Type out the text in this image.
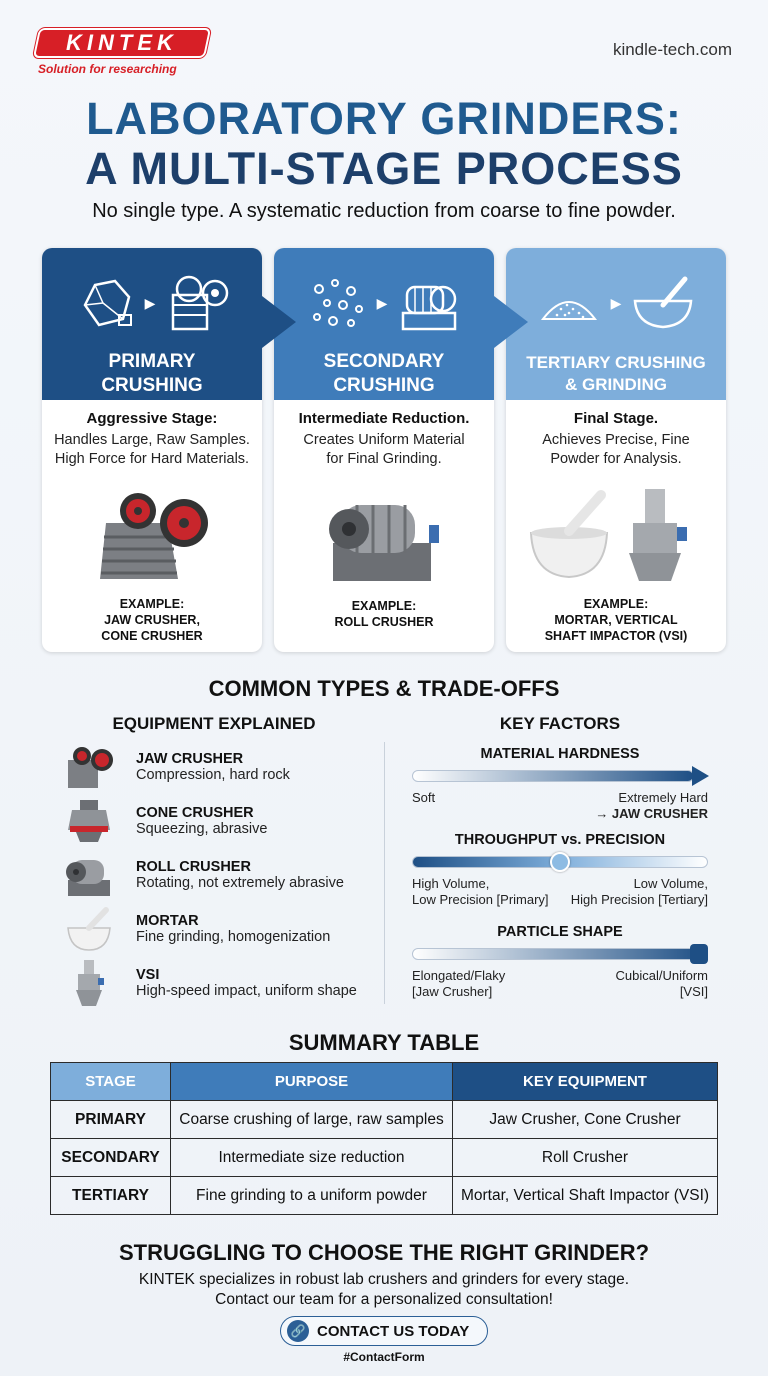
KINTEK
Solution for researching
kindle-tech.com
LABORATORY GRINDERS:
A MULTI-STAGE PROCESS
No single type. A systematic reduction from coarse to fine powder.
▶
PRIMARY
CRUSHING
Aggressive Stage:
Handles Large, Raw Samples.
High Force for Hard Materials.
EXAMPLE:
JAW CRUSHER,
CONE CRUSHER
▶
SECONDARY
CRUSHING
Intermediate Reduction.
Creates Uniform Material
for Final Grinding.
EXAMPLE:
ROLL CRUSHER
▶
TERTIARY CRUSHING
& GRINDING
Final Stage.
Achieves Precise, Fine
Powder for Analysis.
EXAMPLE:
MORTAR, VERTICAL
SHAFT IMPACTOR (VSI)
COMMON TYPES & TRADE-OFFS
EQUIPMENT EXPLAINED	KEY FACTORS
JAW CRUSHER
Compression, hard rock
CONE CRUSHER
Squeezing, abrasive
ROLL CRUSHER
Rotating, not extremely abrasive
MORTAR
Fine grinding, homogenization
VSI
High-speed impact, uniform shape
MATERIAL HARDNESS
Soft	Extremely Hard
→ JAW CRUSHER
THROUGHPUT vs. PRECISION
High Volume,
Low Precision [Primary]
Low Volume,
High Precision [Tertiary]
PARTICLE SHAPE
Elongated/Flaky
[Jaw Crusher]
Cubical/Uniform
[VSI]
SUMMARY TABLE
STAGE	PURPOSE	KEY EQUIPMENT
PRIMARY	Coarse crushing of large, raw samples	Jaw Crusher, Cone Crusher
SECONDARY	Intermediate size reduction	Roll Crusher
TERTIARY	Fine grinding to a uniform powder	Mortar, Vertical Shaft Impactor (VSI)
STRUGGLING TO CHOOSE THE RIGHT GRINDER?
KINTEK specializes in robust lab crushers and grinders for every stage.
Contact our team for a personalized consultation!
🔗 CONTACT US TODAY
#ContactForm
